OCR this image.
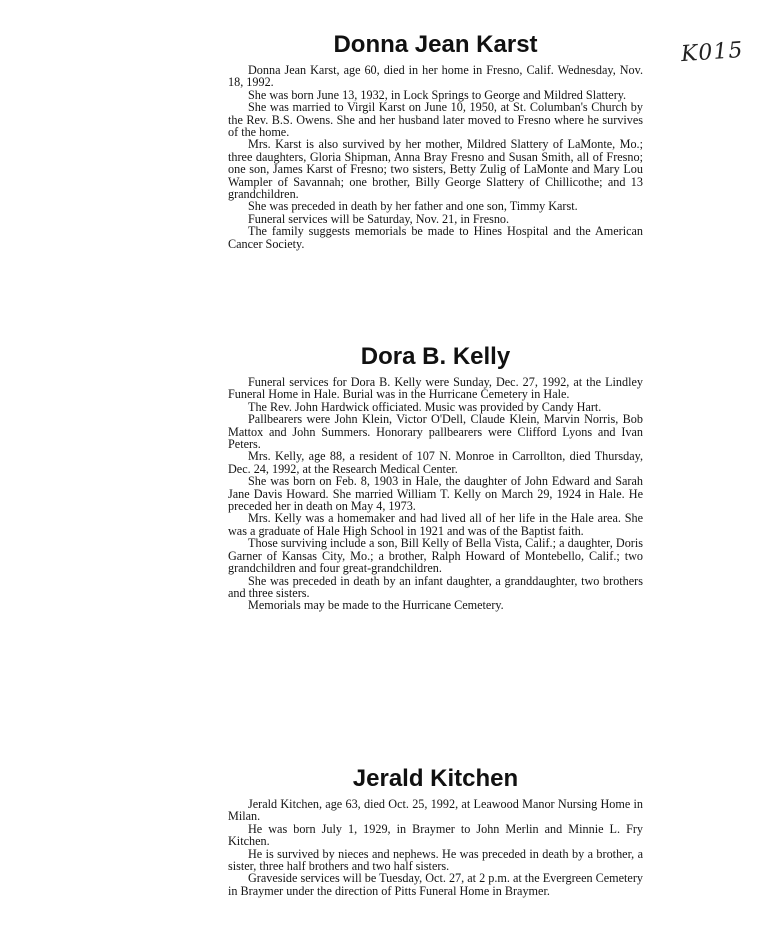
K015
Donna Jean Karst

Donna Jean Karst, age 60, died in her home in Fresno, Calif. Wednesday, Nov. 18, 1992.

She was born June 13, 1932, in Lock Springs to George and Mildred Slattery.

She was married to Virgil Karst on June 10, 1950, at St. Columban's Church by the Rev. B.S. Owens. She and her husband later moved to Fresno where he survives of the home.

Mrs. Karst is also survived by her mother, Mildred Slattery of LaMonte, Mo.; three daughters, Gloria Shipman, Anna Bray Fresno and Susan Smith, all of Fresno; one son, James Karst of Fresno; two sisters, Betty Zulig of LaMonte and Mary Lou Wampler of Savannah; one brother, Billy George Slattery of Chillicothe; and 13 grandchildren.

She was preceded in death by her father and one son, Timmy Karst.

Funeral services will be Saturday, Nov. 21, in Fresno.

The family suggests memorials be made to Hines Hospital and the American Cancer Society.

Dora B. Kelly

Funeral services for Dora B. Kelly were Sunday, Dec. 27, 1992, at the Lindley Funeral Home in Hale. Burial was in the Hurricane Cemetery in Hale.

The Rev. John Hardwick officiated. Music was provided by Candy Hart.

Pallbearers were John Klein, Victor O'Dell, Claude Klein, Marvin Norris, Bob Mattox and John Summers. Honorary pallbearers were Clifford Lyons and Ivan Peters.

Mrs. Kelly, age 88, a resident of 107 N. Monroe in Carrollton, died Thursday, Dec. 24, 1992, at the Research Medical Center.

She was born on Feb. 8, 1903 in Hale, the daughter of John Edward and Sarah Jane Davis Howard. She married William T. Kelly on March 29, 1924 in Hale. He preceded her in death on May 4, 1973.

Mrs. Kelly was a homemaker and had lived all of her life in the Hale area. She was a graduate of Hale High School in 1921 and was of the Baptist faith.

Those surviving include a son, Bill Kelly of Bella Vista, Calif.; a daughter, Doris Garner of Kansas City, Mo.; a brother, Ralph Howard of Montebello, Calif.; two grandchildren and four great-grandchildren.

She was preceded in death by an infant daughter, a granddaughter, two brothers and three sisters.

Memorials may be made to the Hurricane Cemetery.

Jerald Kitchen

Jerald Kitchen, age 63, died Oct. 25, 1992, at Leawood Manor Nursing Home in Milan.

He was born July 1, 1929, in Braymer to John Merlin and Minnie L. Fry Kitchen.

He is survived by nieces and nephews. He was preceded in death by a brother, a sister, three half brothers and two half sisters.

Graveside services will be Tuesday, Oct. 27, at 2 p.m. at the Evergreen Cemetery in Braymer under the direction of Pitts Funeral Home in Braymer.
